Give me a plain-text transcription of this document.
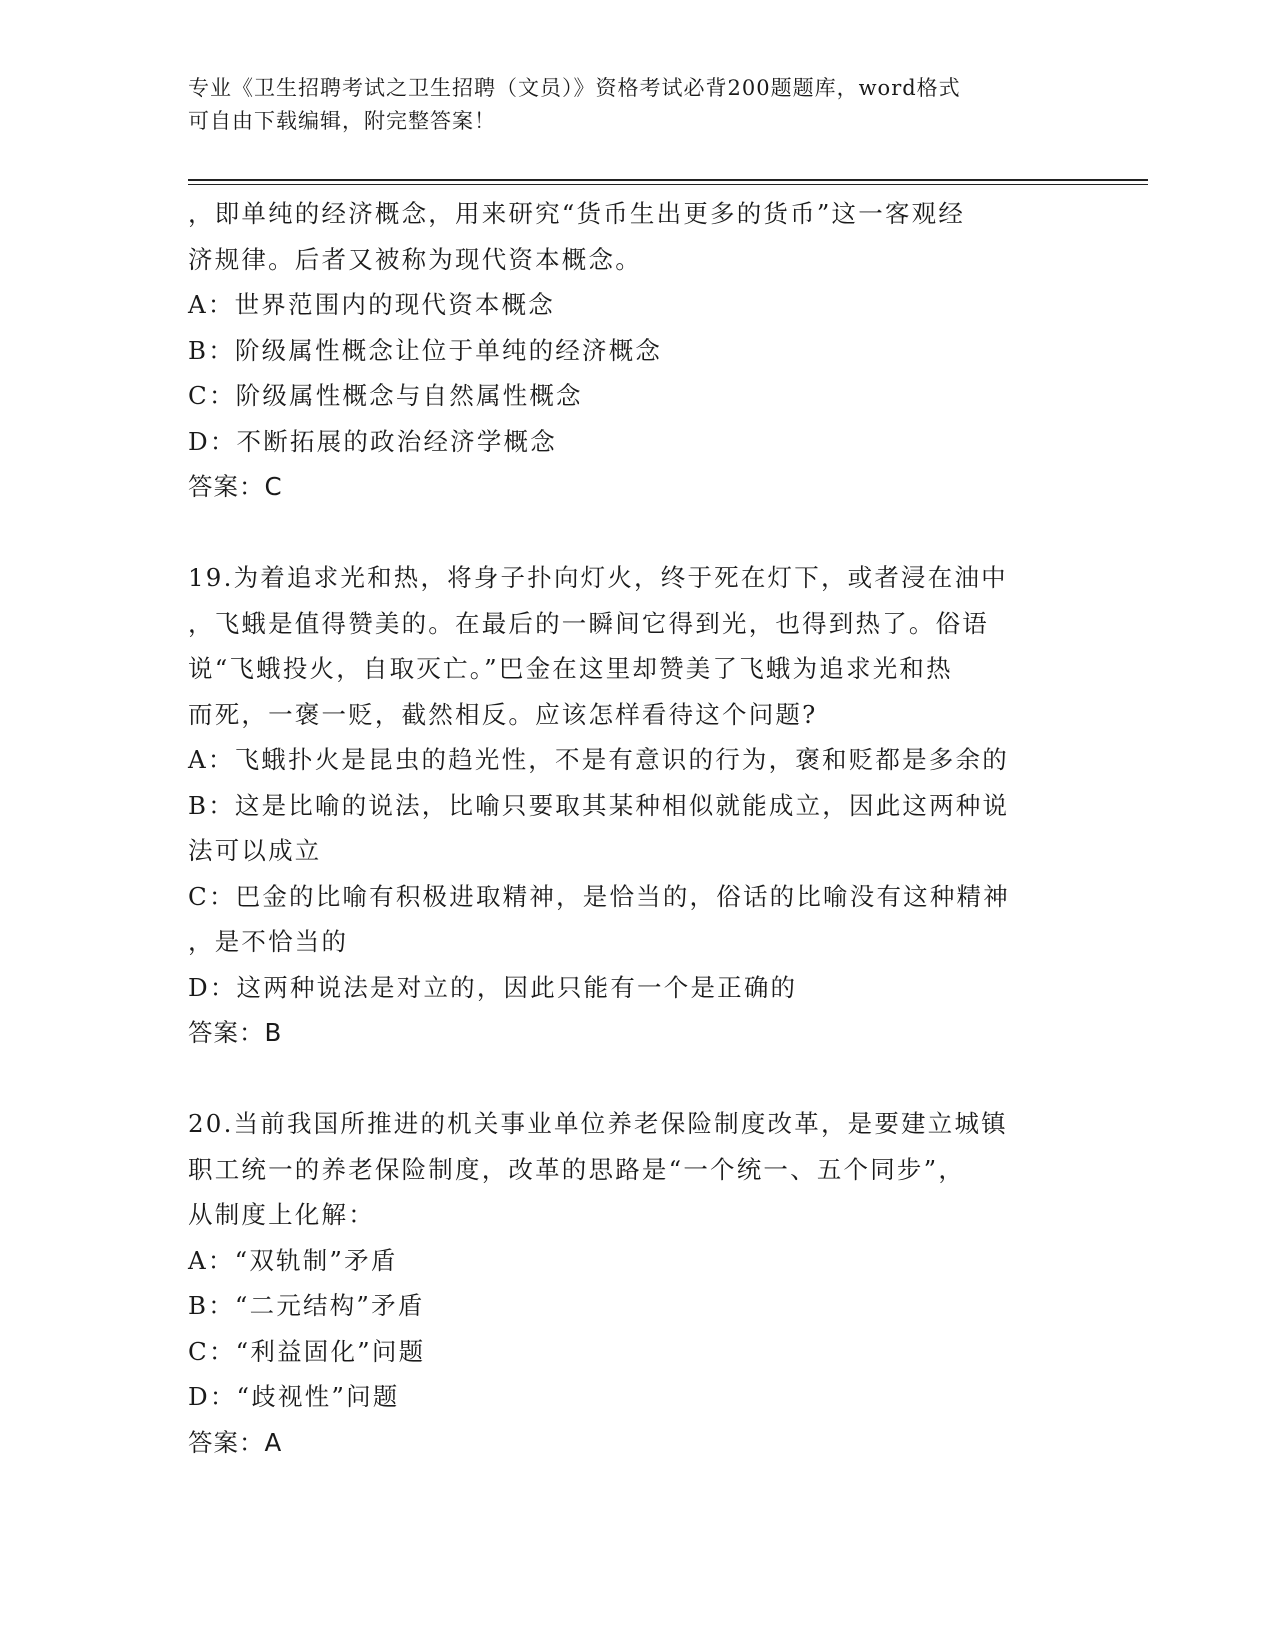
专业《卫生招聘考试之卫生招聘（文员）》资格考试必背200题题库，word格式
可自由下载编辑，附完整答案！
，即单纯的经济概念，用来研究“货币生出更多的货币”这一客观经
济规律。后者又被称为现代资本概念。
A：世界范围内的现代资本概念
B：阶级属性概念让位于单纯的经济概念
C：阶级属性概念与自然属性概念
D：不断拓展的政治经济学概念
答案：C
19.为着追求光和热，将身子扑向灯火，终于死在灯下，或者浸在油中
，飞蛾是值得赞美的。在最后的一瞬间它得到光，也得到热了。俗语
说“飞蛾投火，自取灭亡。”巴金在这里却赞美了飞蛾为追求光和热
而死，一褒一贬，截然相反。应该怎样看待这个问题?
A：飞蛾扑火是昆虫的趋光性，不是有意识的行为，褒和贬都是多余的
B：这是比喻的说法，比喻只要取其某种相似就能成立，因此这两种说
法可以成立
C：巴金的比喻有积极进取精神，是恰当的，俗话的比喻没有这种精神
，是不恰当的
D：这两种说法是对立的，因此只能有一个是正确的
答案：B
20.当前我国所推进的机关事业单位养老保险制度改革，是要建立城镇
职工统一的养老保险制度，改革的思路是“一个统一、五个同步”，
从制度上化解：
A：“双轨制”矛盾
B：“二元结构”矛盾
C：“利益固化”问题
D：“歧视性”问题
答案：A
